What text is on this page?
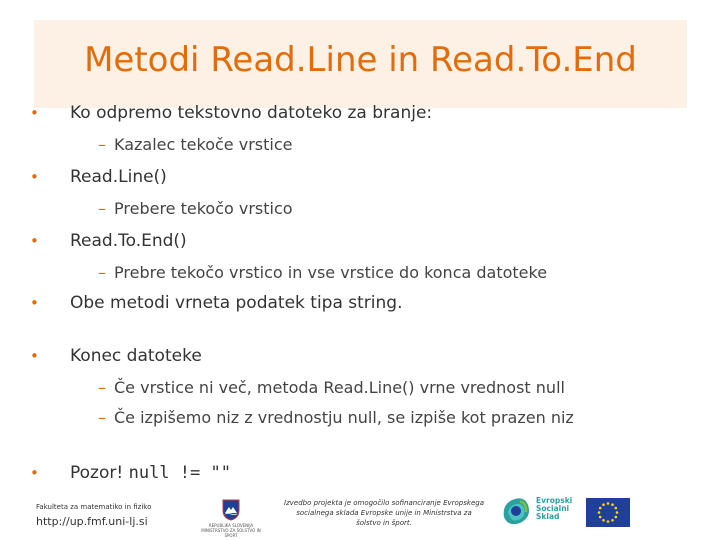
Metodi Read.Line in Read.To.End
•	Ko odpremo tekstovno datoteko za branje:
– Kazalec tekoče vrstice
•	Read.Line()
– Prebere tekočo vrstico
•	Read.To.End()
– Prebre tekočo vrstico in vse vrstice do konca datoteke
•	Obe metodi vrneta podatek tipa string.
•	Konec datoteke
– Če vrstice ni več, metoda Read.Line() vrne vrednost null
– Če izpišemo niz z vrednostju null, se izpiše kot prazen niz
•	Pozor! null != ""
Fakulteta za matematiko in fiziko
http://up.fmf.uni-lj.si	REPUBLIKA SLOVENIJA MINISTRSTVO ZA ŠOLSTVO IN ŠPORT
Izvedbo projekta je omogočilo sofinanciranje Evropskega socialnega sklada Evropske unije in Ministrstva za šolstvo in šport.
Evropski
Socialni
Sklad
